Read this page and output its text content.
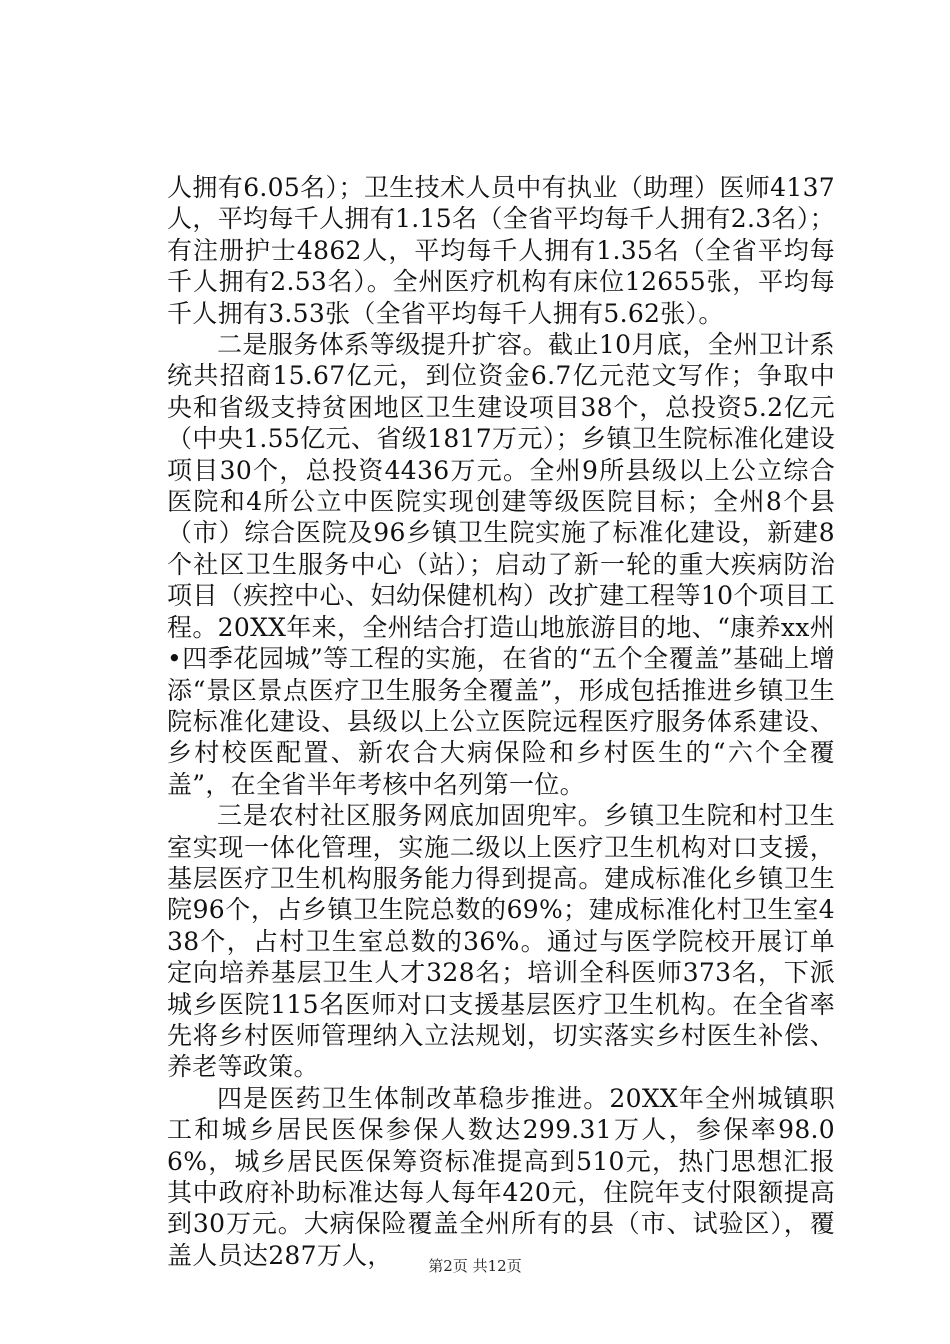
人拥有6.05名）；卫生技术人员中有执业（助理）医师4137人，平均每千人拥有1.15名（全省平均每千人拥有2.3名）；有注册护士4862人，平均每千人拥有1.35名（全省平均每千人拥有2.53名）。全州医疗机构有床位12655张，平均每千人拥有3.53张（全省平均每千人拥有5.62张）。

二是服务体系等级提升扩容。截止10月底，全州卫计系统共招商15.67亿元，到位资金6.7亿元范文写作；争取中央和省级支持贫困地区卫生建设项目38个，总投资5.2亿元（中央1.55亿元、省级1817万元）；乡镇卫生院标准化建设项目30个，总投资4436万元。全州9所县级以上公立综合医院和4所公立中医院实现创建等级医院目标；全州8个县（市）综合医院及96乡镇卫生院实施了标准化建设，新建8个社区卫生服务中心（站）；启动了新一轮的重大疾病防治项目（疾控中心、妇幼保健机构）改扩建工程等10个项目工程。20XX年来，全州结合打造山地旅游目的地、“康养xx州•四季花园城”等工程的实施，在省的“五个全覆盖”基础上增添“景区景点医疗卫生服务全覆盖”，形成包括推进乡镇卫生院标准化建设、县级以上公立医院远程医疗服务体系建设、乡村校医配置、新农合大病保险和乡村医生的“六个全覆盖”，在全省半年考核中名列第一位。

三是农村社区服务网底加固兜牢。乡镇卫生院和村卫生室实现一体化管理，实施二级以上医疗卫生机构对口支援，基层医疗卫生机构服务能力得到提高。建成标准化乡镇卫生院96个，占乡镇卫生院总数的69%；建成标准化村卫生室438个，占村卫生室总数的36%。通过与医学院校开展订单定向培养基层卫生人才328名；培训全科医师373名，下派城乡医院115名医师对口支援基层医疗卫生机构。在全省率先将乡村医师管理纳入立法规划，切实落实乡村医生补偿、养老等政策。

四是医药卫生体制改革稳步推进。20XX年全州城镇职工和城乡居民医保参保人数达299.31万人，参保率98.06%，城乡居民医保筹资标准提高到510元，热门思想汇报其中政府补助标准达每人每年420元，住院年支付限额提高到30万元。大病保险覆盖全州所有的县（市、试验区），覆盖人员达287万人，	第2页 共12页
